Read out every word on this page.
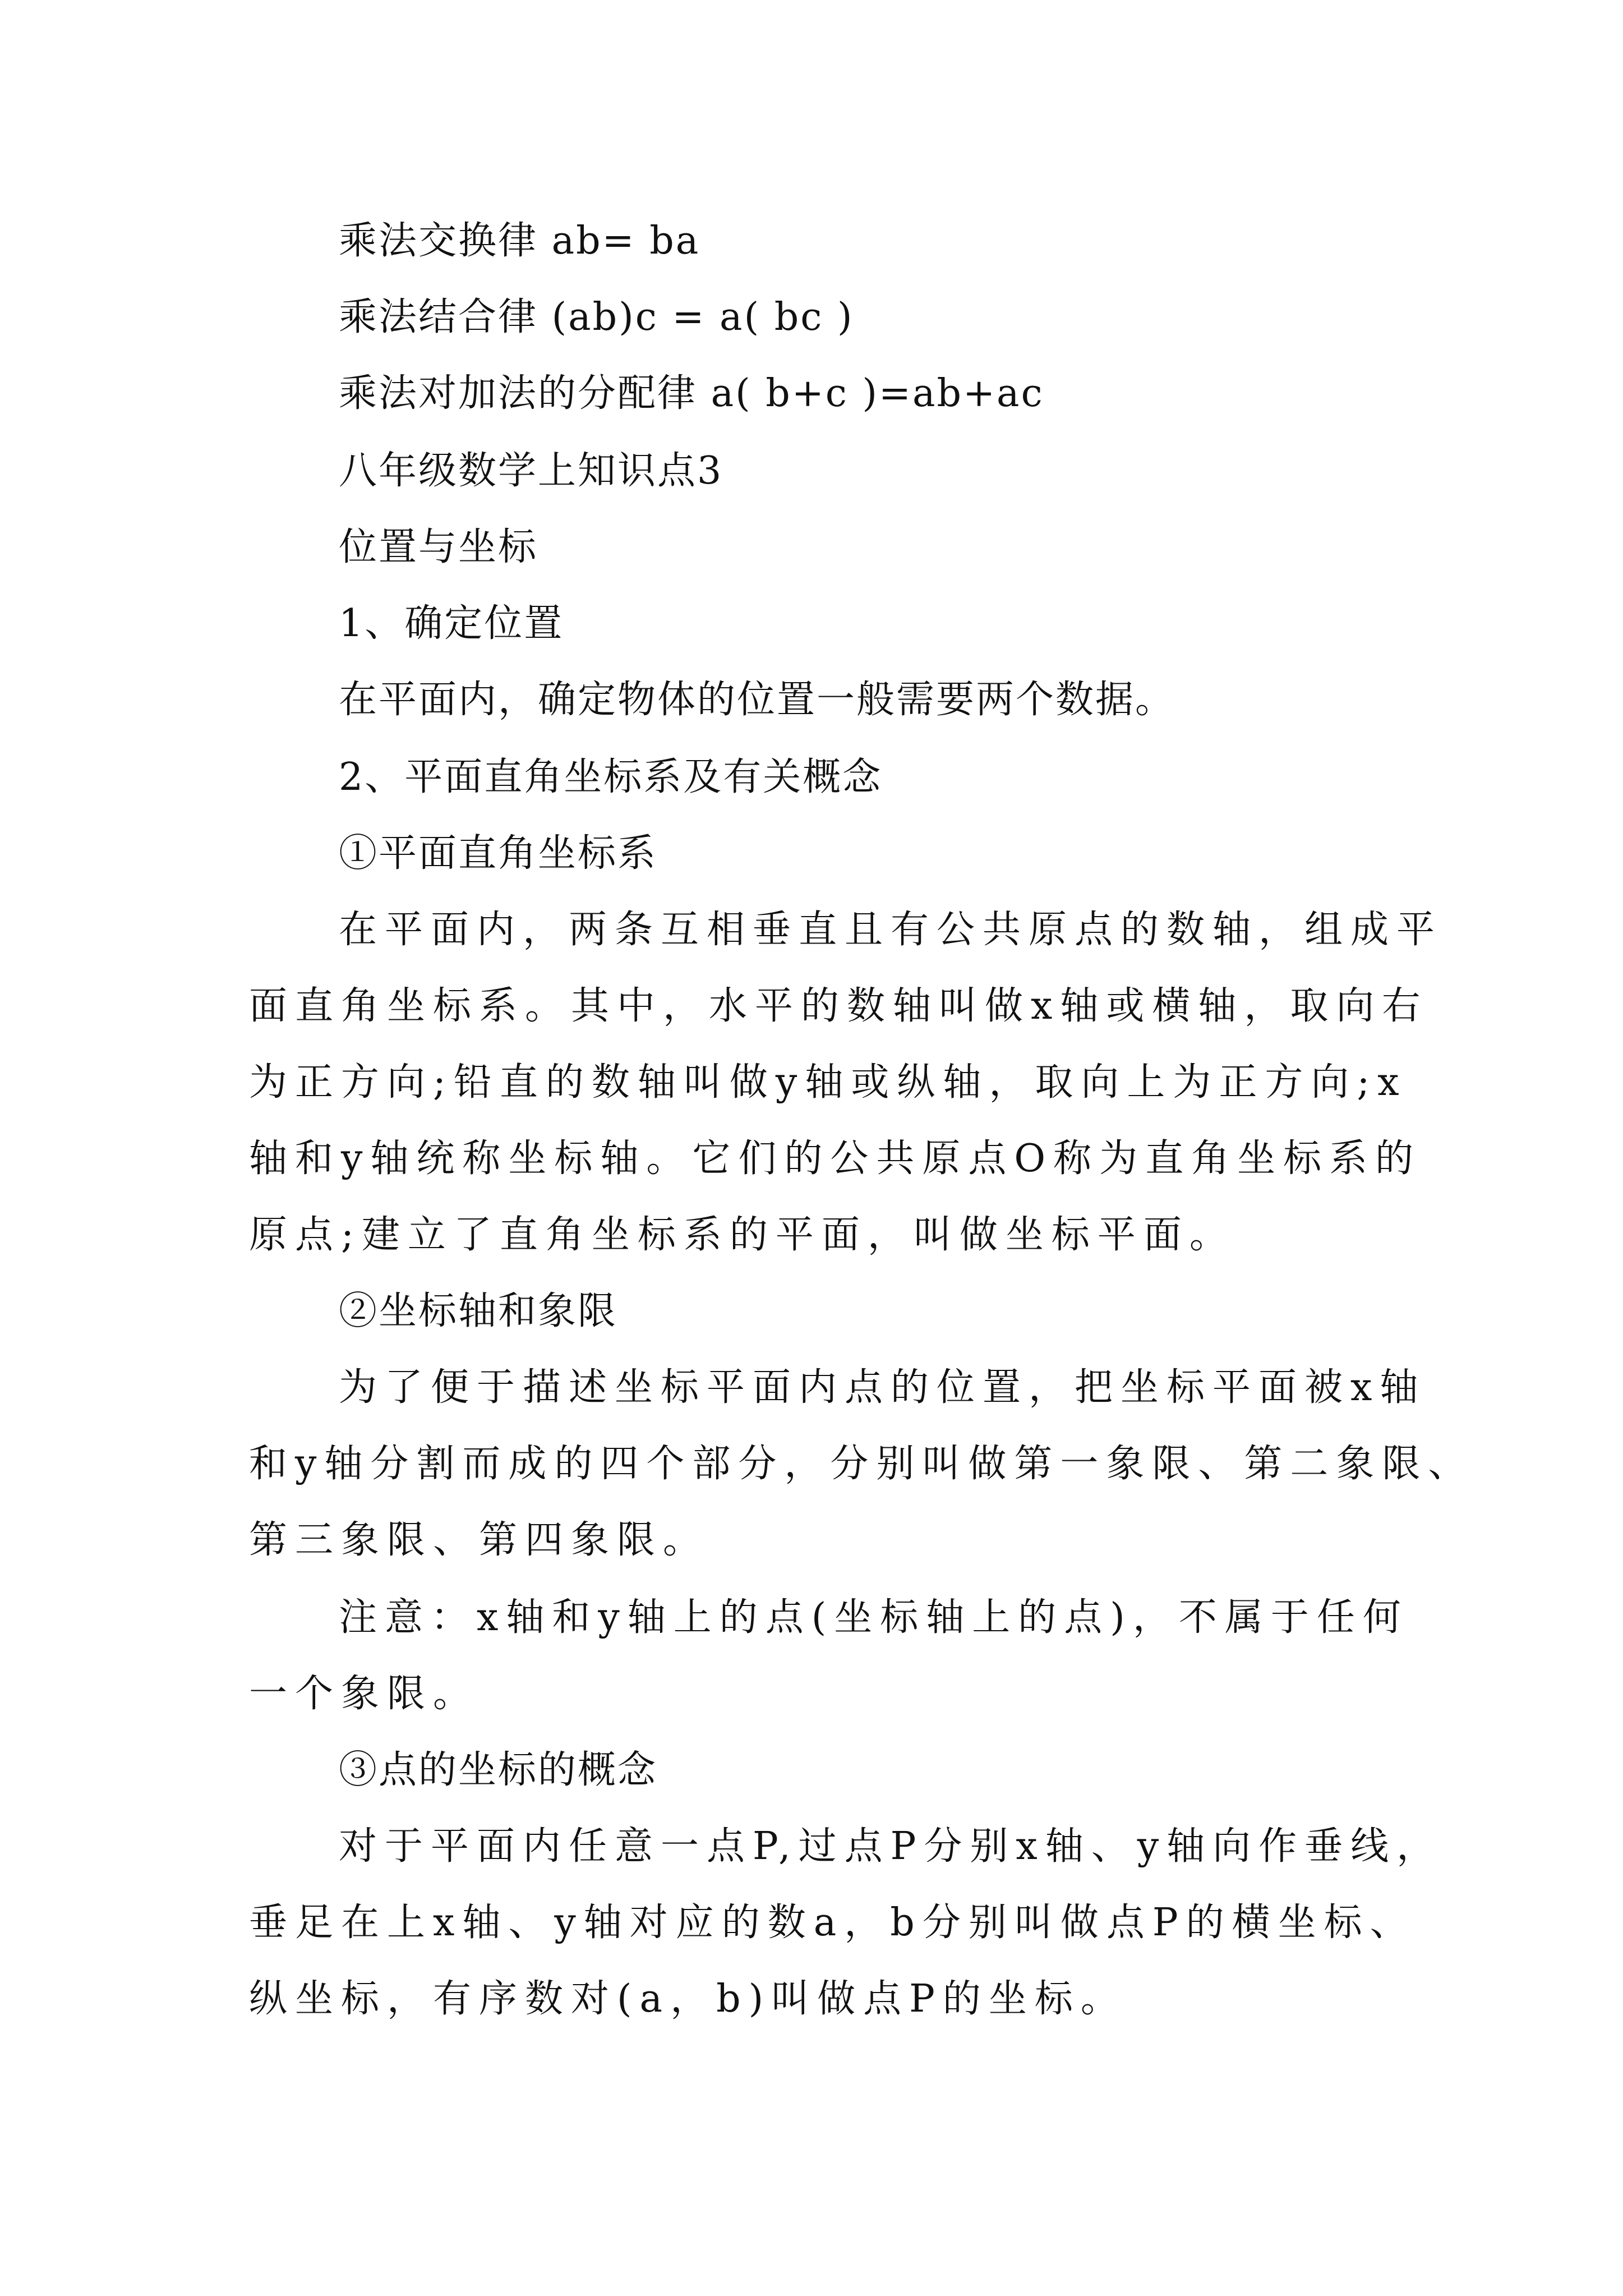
乘法交换律 ab= ba
乘法结合律 (ab)c = a( bc )
乘法对加法的分配律 a( b+c )=ab+ac
八年级数学上知识点3
位置与坐标
1、确定位置
在平面内，确定物体的位置一般需要两个数据。
2、平面直角坐标系及有关概念
①平面直角坐标系
在平面内，两条互相垂直且有公共原点的数轴，组成平
面直角坐标系。其中，水平的数轴叫做x轴或横轴，取向右
为正方向;铅直的数轴叫做y轴或纵轴，取向上为正方向;x
轴和y轴统称坐标轴。它们的公共原点O称为直角坐标系的
原点;建立了直角坐标系的平面，叫做坐标平面。
②坐标轴和象限
为了便于描述坐标平面内点的位置，把坐标平面被x轴
和y轴分割而成的四个部分，分别叫做第一象限、第二象限、
第三象限、第四象限。
注意：x轴和y轴上的点(坐标轴上的点)，不属于任何
一个象限。
③点的坐标的概念
对于平面内任意一点P,过点P分别x轴、y轴向作垂线，
垂足在上x轴、y轴对应的数a，b分别叫做点P的横坐标、
纵坐标，有序数对(a，b)叫做点P的坐标。
